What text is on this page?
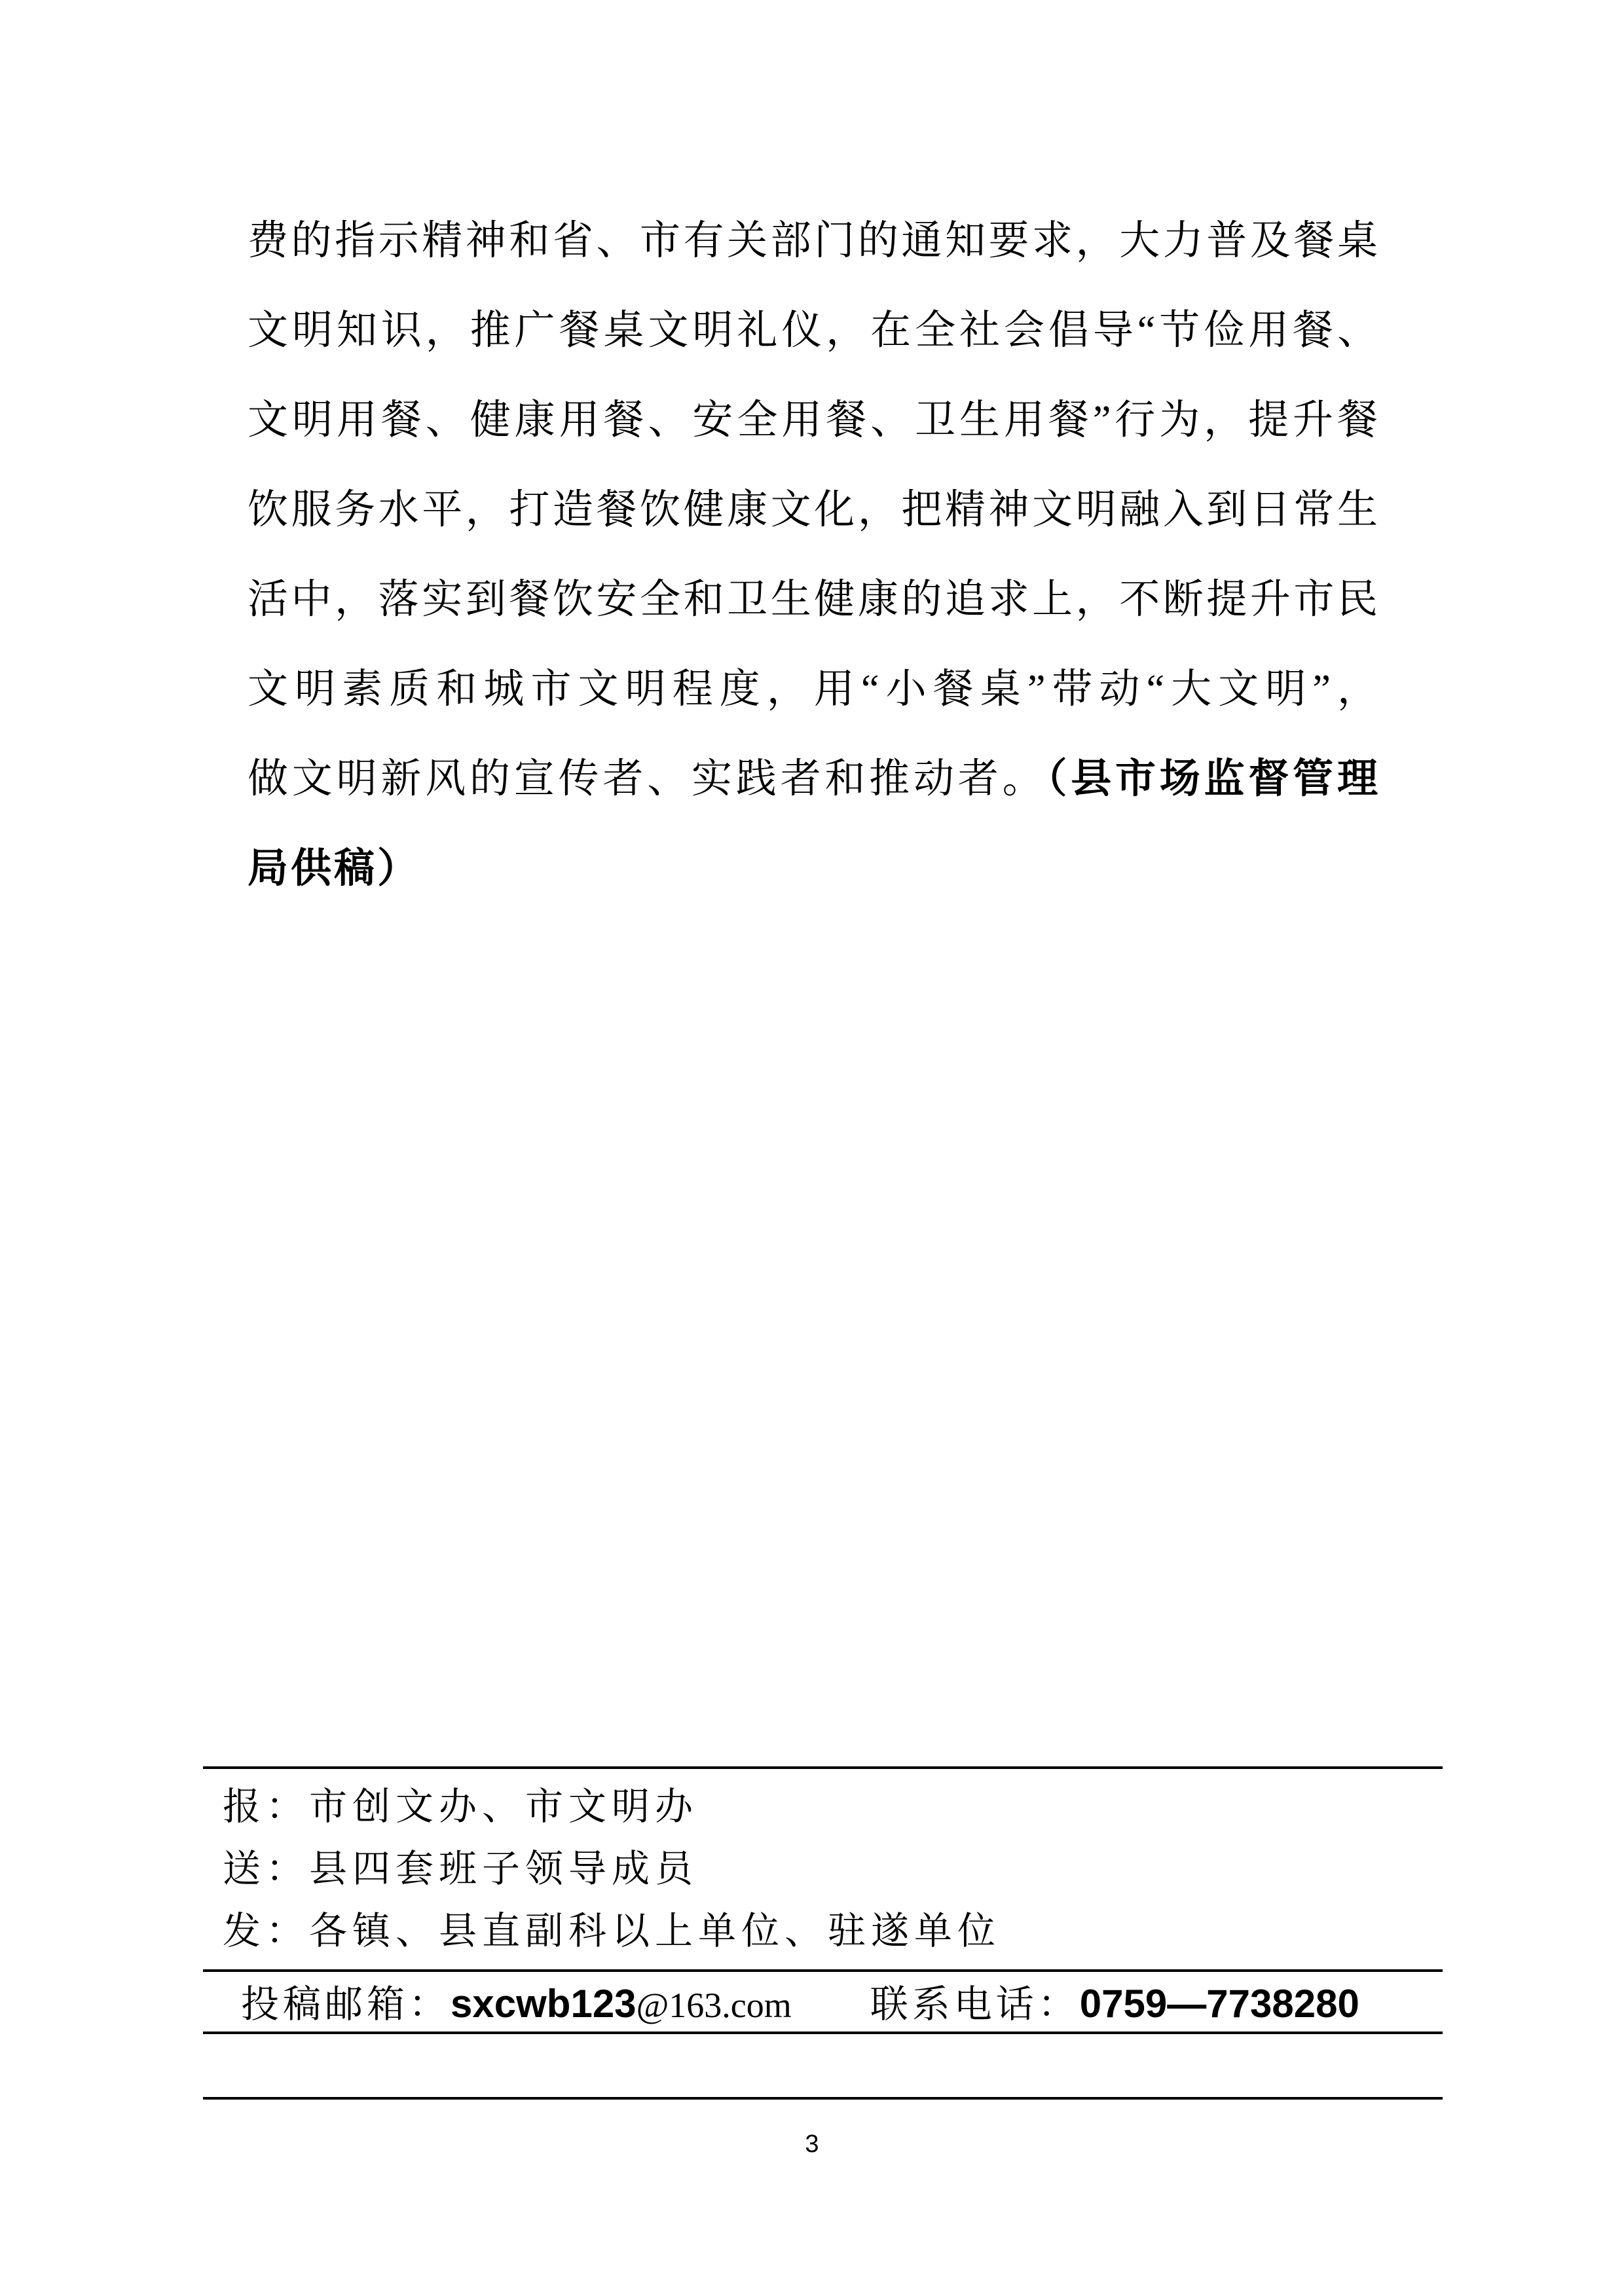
费的指示精神和省、市有关部门的通知要求，大力普及餐桌
文明知识，推广餐桌文明礼仪，在全社会倡导“节俭用餐、
文明用餐、健康用餐、安全用餐、卫生用餐”行为，提升餐
饮服务水平，打造餐饮健康文化，把精神文明融入到日常生
活中，落实到餐饮安全和卫生健康的追求上，不断提升市民
文明素质和城市文明程度，用“小餐桌”带动“大文明”，
做文明新风的宣传者、实践者和推动者。（县市场监督管理
局供稿）
报：市创文办、市文明办
送：县四套班子领导成员
发：各镇、县直副科以上单位、驻遂单位
投稿邮箱：sxcwb123@163.com 联系电话：0759—7738280
3
